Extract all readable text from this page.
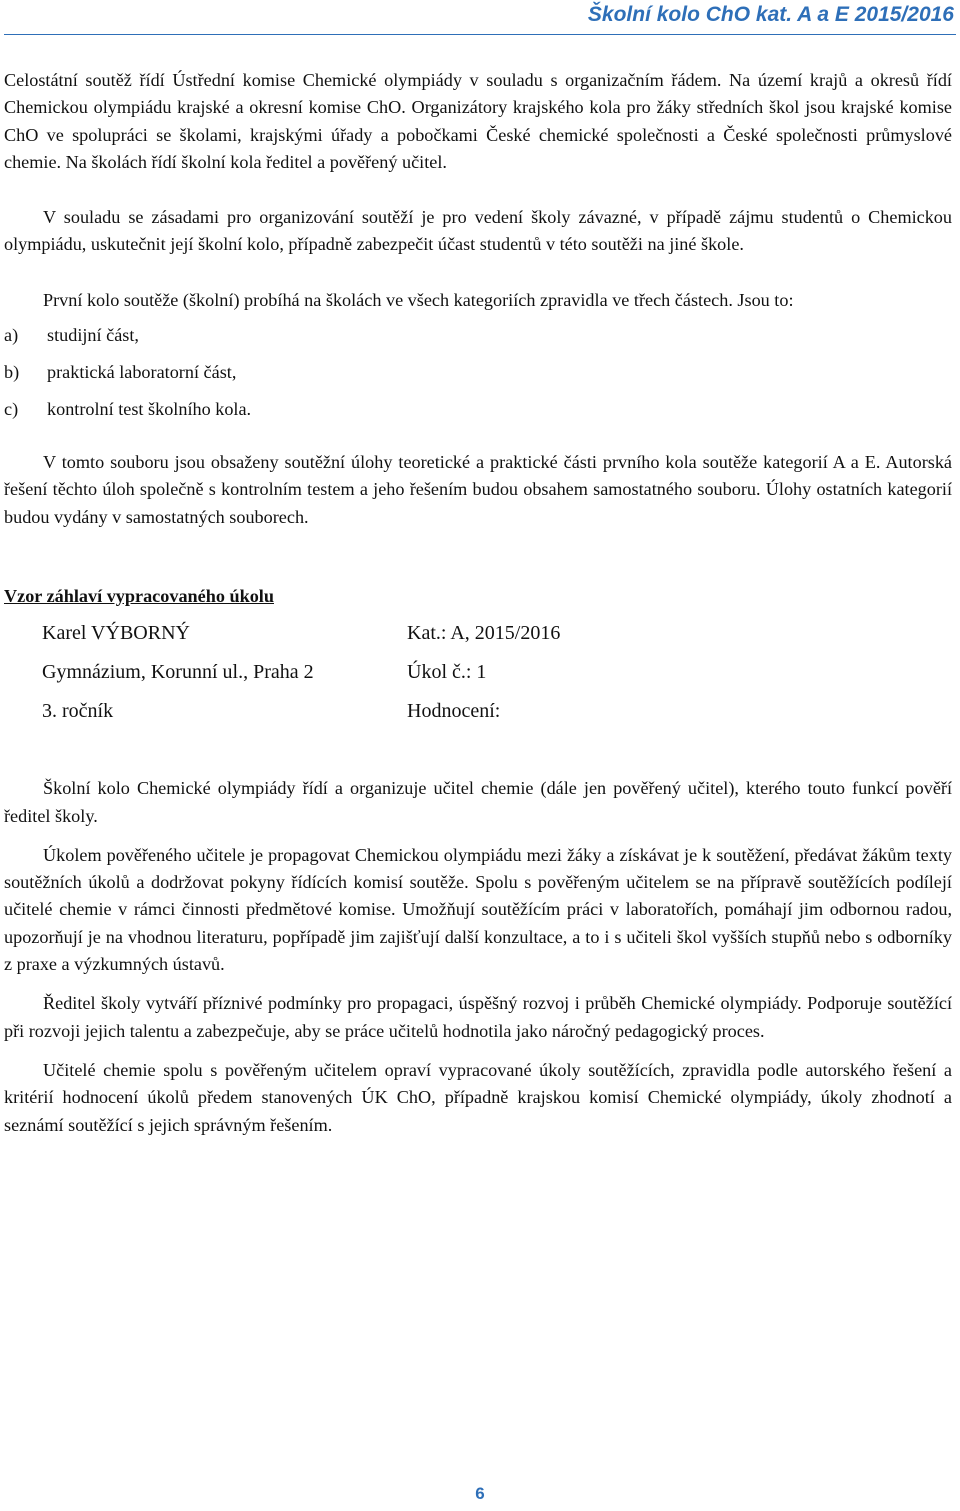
Školní kolo ChO kat. A a E 2015/2016

Celostátní soutěž řídí Ústřední komise Chemické olympiády v souladu s organizačním řádem. Na území krajů a okresů řídí Chemickou olympiádu krajské a okresní komise ChO. Organizátory krajského kola pro žáky středních škol jsou krajské komise ChO ve spolupráci se školami, krajskými úřady a pobočkami České chemické společnosti a České společnosti průmyslové chemie. Na školách řídí školní kola ředitel a pověřený učitel.

V souladu se zásadami pro organizování soutěží je pro vedení školy závazné, v případě zájmu studentů o Chemickou olympiádu, uskutečnit její školní kolo, případně zabezpečit účast studentů v této soutěži na jiné škole.

První kolo soutěže (školní) probíhá na školách ve všech kategoriích zpravidla ve třech částech. Jsou to:

a)	studijní část,
b)	praktická laboratorní část,
c)	kontrolní test školního kola.

V tomto souboru jsou obsaženy soutěžní úlohy teoretické a praktické části prvního kola soutěže kategorií A a E. Autorská řešení těchto úloh společně s kontrolním testem a jeho řešením budou obsahem samostatného souboru. Úlohy ostatních kategorií budou vydány v samostatných souborech.

Vzor záhlaví vypracovaného úkolu

Karel VÝBORNÝ	Kat.: A, 2015/2016
Gymnázium, Korunní ul., Praha 2	Úkol č.: 1
3. ročník	Hodnocení:

Školní kolo Chemické olympiády řídí a organizuje učitel chemie (dále jen pověřený učitel), kterého touto funkcí pověří ředitel školy.

Úkolem pověřeného učitele je propagovat Chemickou olympiádu mezi žáky a získávat je k soutěžení, předávat žákům texty soutěžních úkolů a dodržovat pokyny řídících komisí soutěže. Spolu s pověřeným učitelem se na přípravě soutěžících podílejí učitelé chemie v rámci činnosti předmětové komise. Umožňují soutěžícím práci v laboratořích, pomáhají jim odbornou radou, upozorňují je na vhodnou literaturu, popřípadě jim zajišťují další konzultace, a to i s učiteli škol vyšších stupňů nebo s odborníky z praxe a výzkumných ústavů.

Ředitel školy vytváří příznivé podmínky pro propagaci, úspěšný rozvoj i průběh Chemické olympiády. Podporuje soutěžící při rozvoji jejich talentu a zabezpečuje, aby se práce učitelů hodnotila jako náročný pedagogický proces.

Učitelé chemie spolu s pověřeným učitelem opraví vypracované úkoly soutěžících, zpravidla podle autorského řešení a kritérií hodnocení úkolů předem stanovených ÚK ChO, případně krajskou komisí Chemické olympiády, úkoly zhodnotí a seznámí soutěžící s jejich správným řešením.

6
